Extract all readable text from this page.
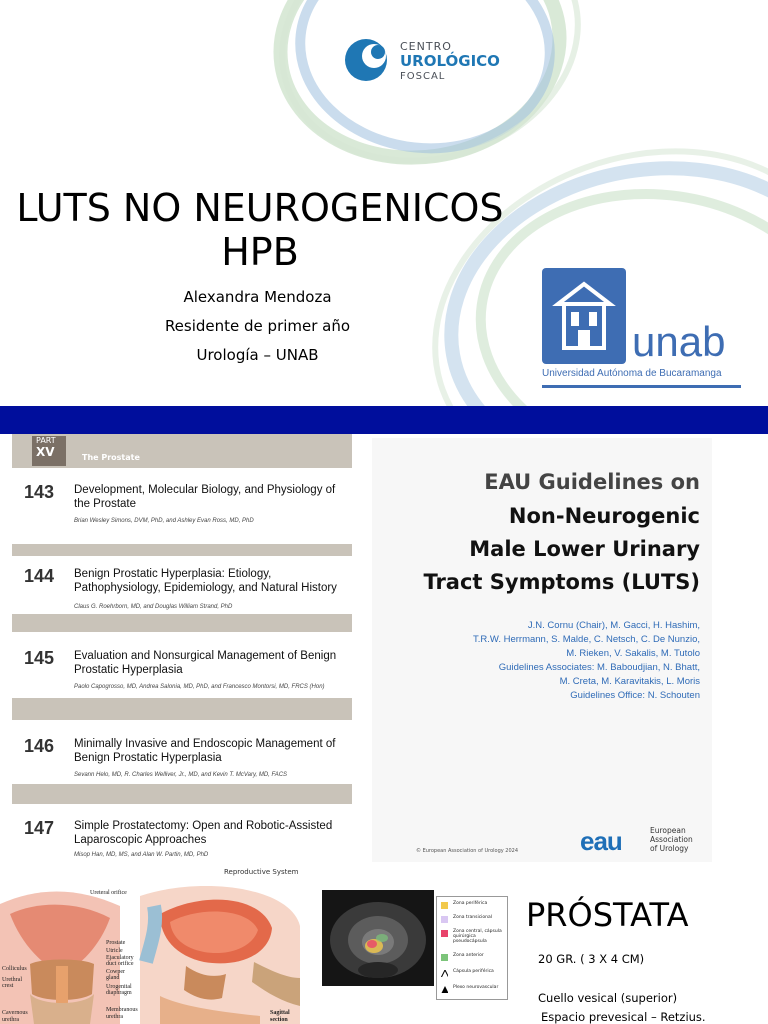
CENTRO
UROLÓGICO
FOSCAL
LUTS NO NEUROGENICOS
HPB
Alexandra Mendoza
Residente de primer año
Urología – UNAB	unab
Universidad Autónoma de Bucaramanga
PART
XV	The Prostate
143 Development, Molecular Biology, and Physiology of the Prostate
Brian Wesley Simons, DVM, PhD, and Ashley Evan Ross, MD, PhD
144 Benign Prostatic Hyperplasia: Etiology, Pathophysiology, Epidemiology, and Natural History
Claus G. Roehrborn, MD, and Douglas William Strand, PhD
145 Evaluation and Nonsurgical Management of Benign Prostatic Hyperplasia
Paolo Capogrosso, MD, Andrea Salonia, MD, PhD, and Francesco Montorsi, MD, FRCS (Hon)
146 Minimally Invasive and Endoscopic Management of Benign Prostatic Hyperplasia
Sevann Helo, MD, R. Charles Welliver, Jr., MD, and Kevin T. McVary, MD, FACS
147 Simple Prostatectomy: Open and Robotic-Assisted Laparoscopic Approaches
Misop Han, MD, MS, and Alan W. Partin, MD, PhD
EAU Guidelines on
Non-Neurogenic
Male Lower Urinary
Tract Symptoms (LUTS)
J.N. Cornu (Chair), M. Gacci, H. Hashim,
T.R.W. Herrmann, S. Malde, C. Netsch, C. De Nunzio,
M. Rieken, V. Sakalis, M. Tutolo
Guidelines Associates: M. Baboudjian, N. Bhatt,
M. Creta, M. Karavitakis, L. Moris
Guidelines Office: N. Schouten
© European Association of Urology 2024 eau	European
Association
of Urology
Reproductive System
Ureteral orifice
Prostate
Utricle
Ejaculatory
duct orifice
Cowper
gland
Urogenital
diaphragm
Membranous
urethra
Colliculus
Urethral
crest
Cavernous
urethra
Sagittal
section
Zona periférica
Zona transicional
Zona central, cápsula quirúrgica pseudocápsula
Zona anterior
Cápsula periférica
Plexo neurovascular
PRÓSTATA
20 GR. ( 3 X 4 CM)
Cuello vesical (superior)
Espacio prevesical – Retzius.
